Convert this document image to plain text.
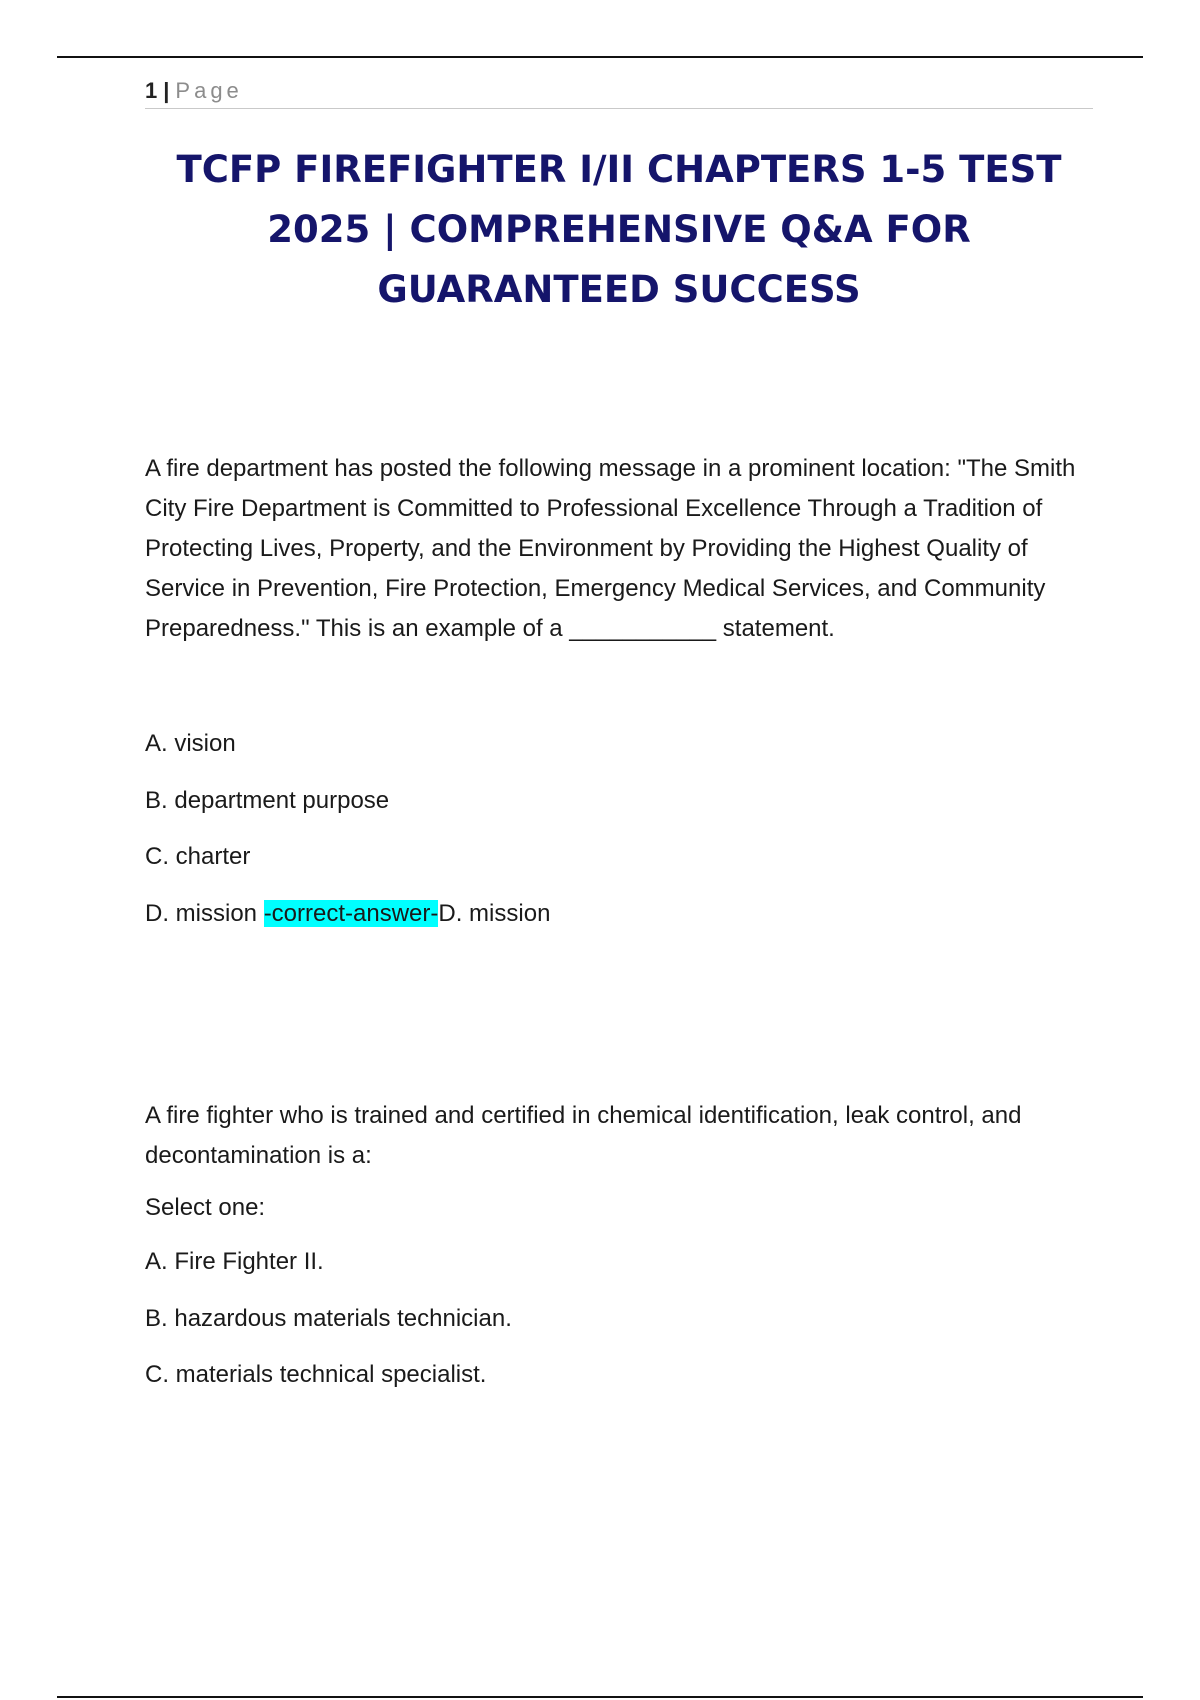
1 | Page
TCFP FIREFIGHTER I/II CHAPTERS 1-5 TEST
2025 | COMPREHENSIVE Q&A FOR
GUARANTEED SUCCESS

A fire department has posted the following message in a prominent location: "The Smith City Fire Department is Committed to Professional Excellence Through a Tradition of Protecting Lives, Property, and the Environment by Providing the Highest Quality of Service in Prevention, Fire Protection, Emergency Medical Services, and Community Preparedness." This is an example of a ___________ statement.

A. vision
B. department purpose
C. charter
D. mission -correct-answer-D. mission

A fire fighter who is trained and certified in chemical identification, leak control, and decontamination is a:

Select one:

A. Fire Fighter II.
B. hazardous materials technician.
C. materials technical specialist.
